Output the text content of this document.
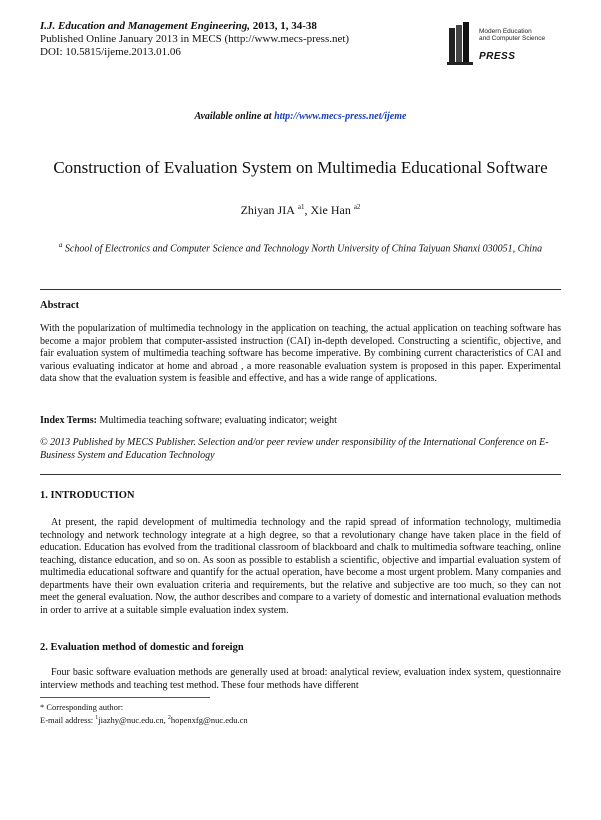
I.J. Education and Management Engineering, 2013, 1, 34-38
Published Online January 2013 in MECS (http://www.mecs-press.net)
DOI: 10.5815/ijeme.2013.01.06
Modern Education
and Computer Science
PRESS
Available online at http://www.mecs-press.net/ijeme
Construction of Evaluation System on Multimedia Educational Software
Zhiyan JIA $^{a1}$, Xie Han $^{a2}$
$^a$ School of Electronics and Computer Science and Technology North University of China Taiyuan Shanxi 030051, China
Abstract
With the popularization of multimedia technology in the application on teaching, the actual application on teaching software has become a major problem that computer-assisted instruction (CAI) in-depth developed. Constructing a scientific, objective, and fair evaluation system of multimedia teaching software has become imperative. By combining current characteristics of CAI and various evaluating indicator at home and abroad , a more reasonable evaluation system is proposed in this paper. Experimental data show that the evaluation system is feasible and effective, and has a wide range of applications.
Index Terms: Multimedia teaching software; evaluating indicator; weight
© 2013 Published by MECS Publisher. Selection and/or peer review under responsibility of the International Conference on E-Business System and Education Technology
1. INTRODUCTION
At present, the rapid development of multimedia technology and the rapid spread of information technology, multimedia technology and network technology integrate at a high degree, so that a revolutionary change have taken place in the field of education. Education has evolved from the traditional classroom of blackboard and chalk to multimedia software teaching, online teaching, distance education, and so on. As soon as possible to establish a scientific, objective and impartial evaluation system of multimedia educational software and quantify for the actual operation, have become a most urgent problem. Many companies and departments have their own evaluation criteria and requirements, but the relative and subjective are too much, so they can not meet the general evaluation. Now, the author describes and compare to a variety of domestic and international evaluation methods in order to arrive at a suitable simple evaluation index system.
2. Evaluation method of domestic and foreign
Four basic software evaluation methods are generally used at broad: analytical review, evaluation index system, questionnaire interview methods and teaching test method. These four methods have different
* Corresponding author:
E-mail address: $^1$jiazhy@nuc.edu.cn, $^2$hopenxfg@nuc.edu.cn
